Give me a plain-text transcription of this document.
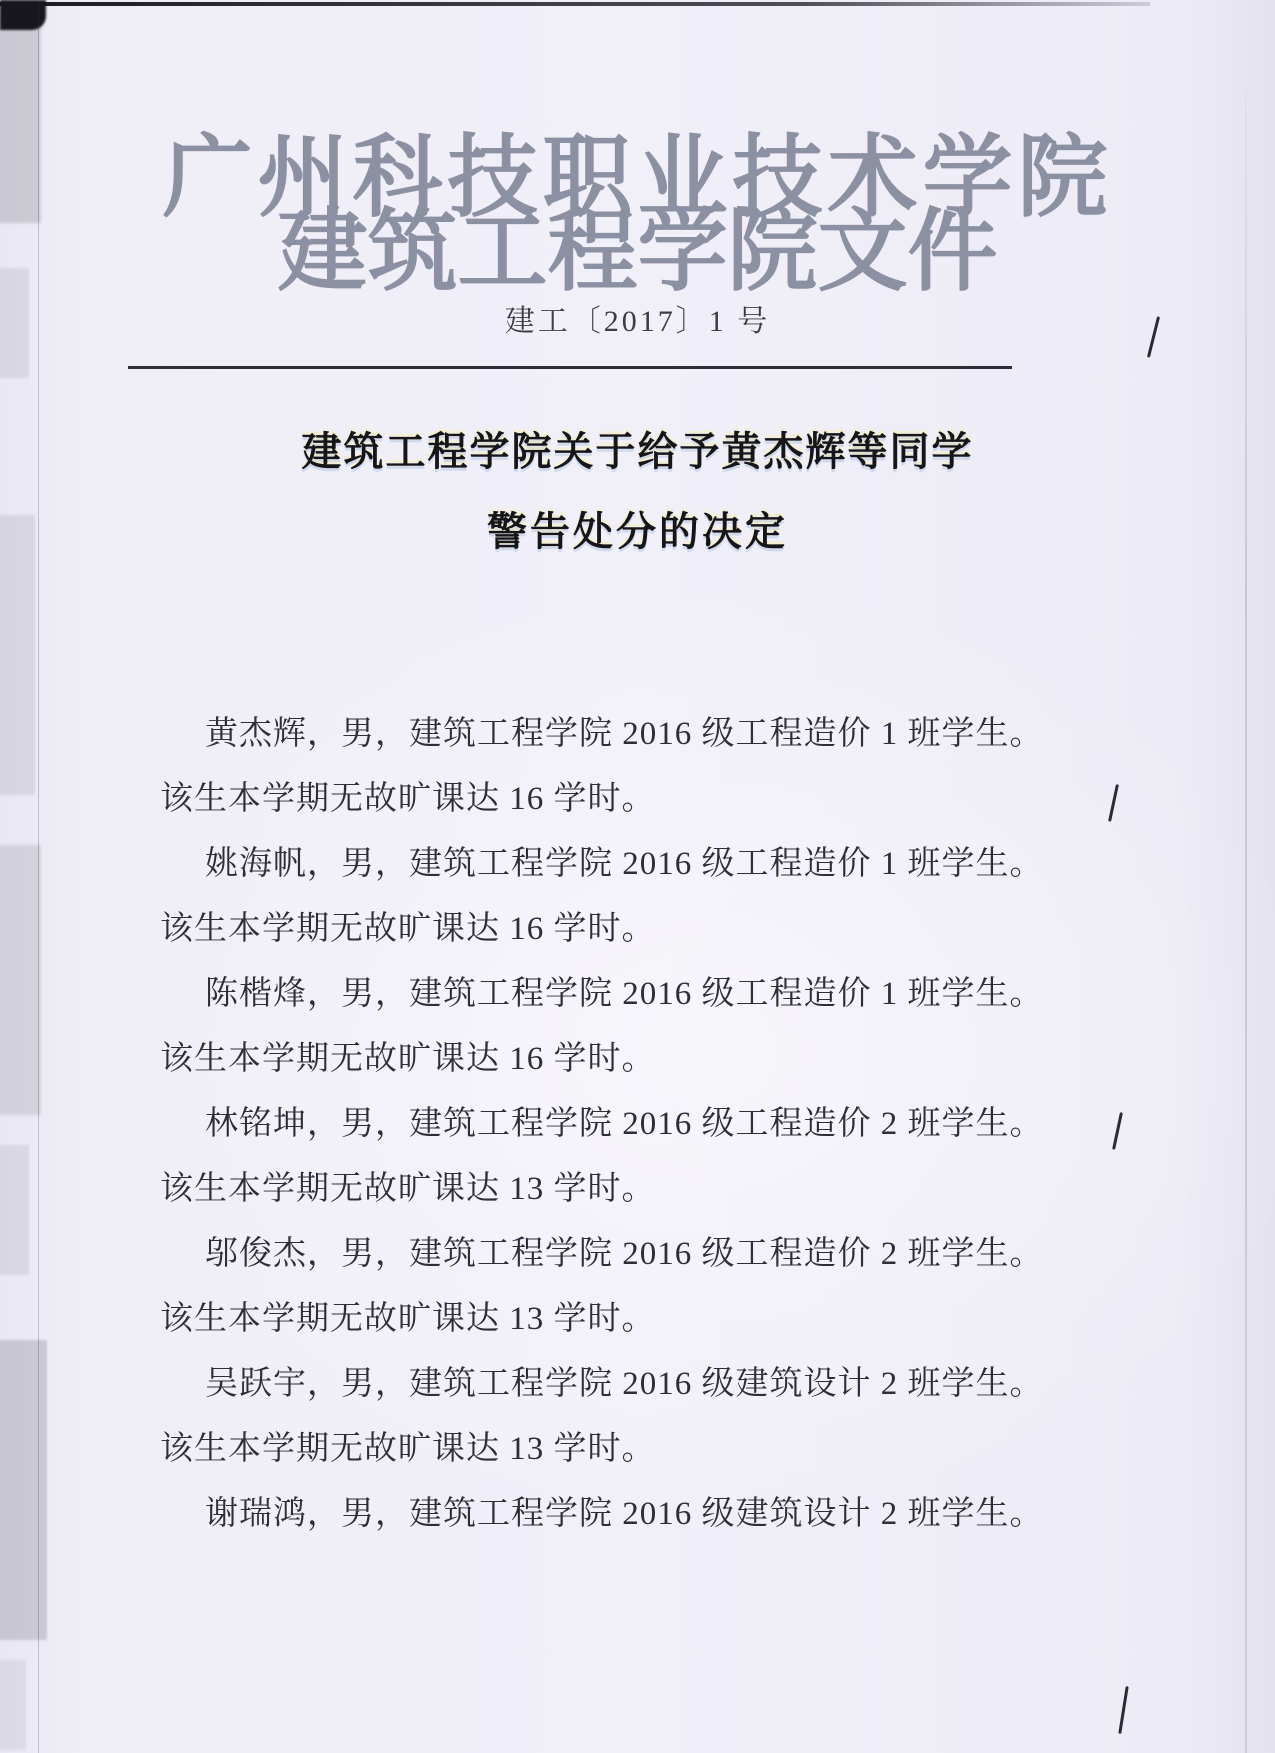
广州科技职业技术学院
建筑工程学院文件
建工〔2017〕1 号
建筑工程学院关于给予黄杰辉等同学
警告处分的决定
黄杰辉，男，建筑工程学院 2016 级工程造价 1 班学生。
该生本学期无故旷课达 16 学时。
姚海帆，男，建筑工程学院 2016 级工程造价 1 班学生。
该生本学期无故旷课达 16 学时。
陈楷烽，男，建筑工程学院 2016 级工程造价 1 班学生。
该生本学期无故旷课达 16 学时。
林铭坤，男，建筑工程学院 2016 级工程造价 2 班学生。
该生本学期无故旷课达 13 学时。
邬俊杰，男，建筑工程学院 2016 级工程造价 2 班学生。
该生本学期无故旷课达 13 学时。
吴跃宇，男，建筑工程学院 2016 级建筑设计 2 班学生。
该生本学期无故旷课达 13 学时。
谢瑞鸿，男，建筑工程学院 2016 级建筑设计 2 班学生。
